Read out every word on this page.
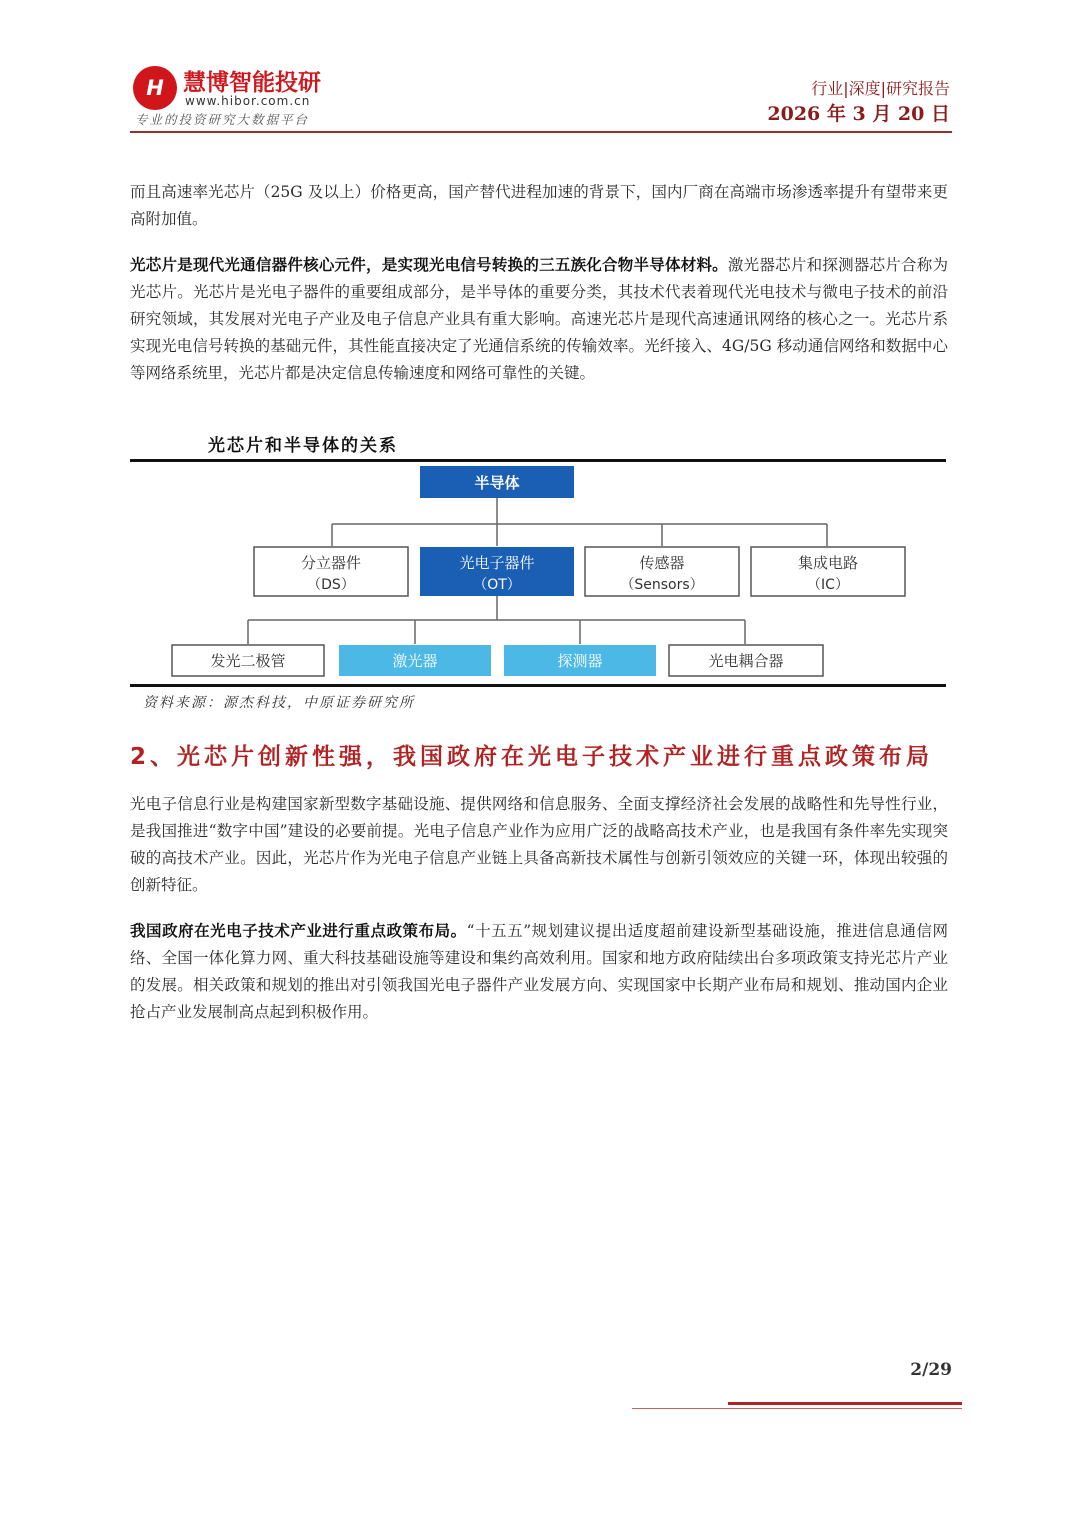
H 慧博智能投研
www.hibor.com.cn
专业的投资研究大数据平台
行业|深度|研究报告
2026 年 3 月 20 日

而且高速率光芯片（25G 及以上）价格更高，国产替代进程加速的背景下，国内厂商在高端市场渗透率提升有望带来更高附加值。

光芯片是现代光通信器件核心元件，是实现光电信号转换的三五族化合物半导体材料。激光器芯片和探测器芯片合称为光芯片。光芯片是光电子器件的重要组成部分，是半导体的重要分类，其技术代表着现代光电技术与微电子技术的前沿研究领域，其发展对光电子产业及电子信息产业具有重大影响。高速光芯片是现代高速通讯网络的核心之一。光芯片系实现光电信号转换的基础元件，其性能直接决定了光通信系统的传输效率。光纤接入、4G/5G 移动通信网络和数据中心等网络系统里，光芯片都是决定信息传输速度和网络可靠性的关键。

光芯片和半导体的关系
半导体
分立器件
（DS）
光电子器件
（OT）
传感器
（Sensors）
集成电路
（IC）
发光二极管	激光器	探测器	光电耦合器
资料来源：源杰科技，中原证券研究所
2、光芯片创新性强，我国政府在光电子技术产业进行重点政策布局

光电子信息行业是构建国家新型数字基础设施、提供网络和信息服务、全面支撑经济社会发展的战略性和先导性行业，是我国推进“数字中国”建设的必要前提。光电子信息产业作为应用广泛的战略高技术产业，也是我国有条件率先实现突破的高技术产业。因此，光芯片作为光电子信息产业链上具备高新技术属性与创新引领效应的关键一环，体现出较强的创新特征。

我国政府在光电子技术产业进行重点政策布局。“十五五”规划建议提出适度超前建设新型基础设施，推进信息通信网络、全国一体化算力网、重大科技基础设施等建设和集约高效利用。国家和地方政府陆续出台多项政策支持光芯片产业的发展。相关政策和规划的推出对引领我国光电子器件产业发展方向、实现国家中长期产业布局和规划、推动国内企业抢占产业发展制高点起到积极作用。

2/29
